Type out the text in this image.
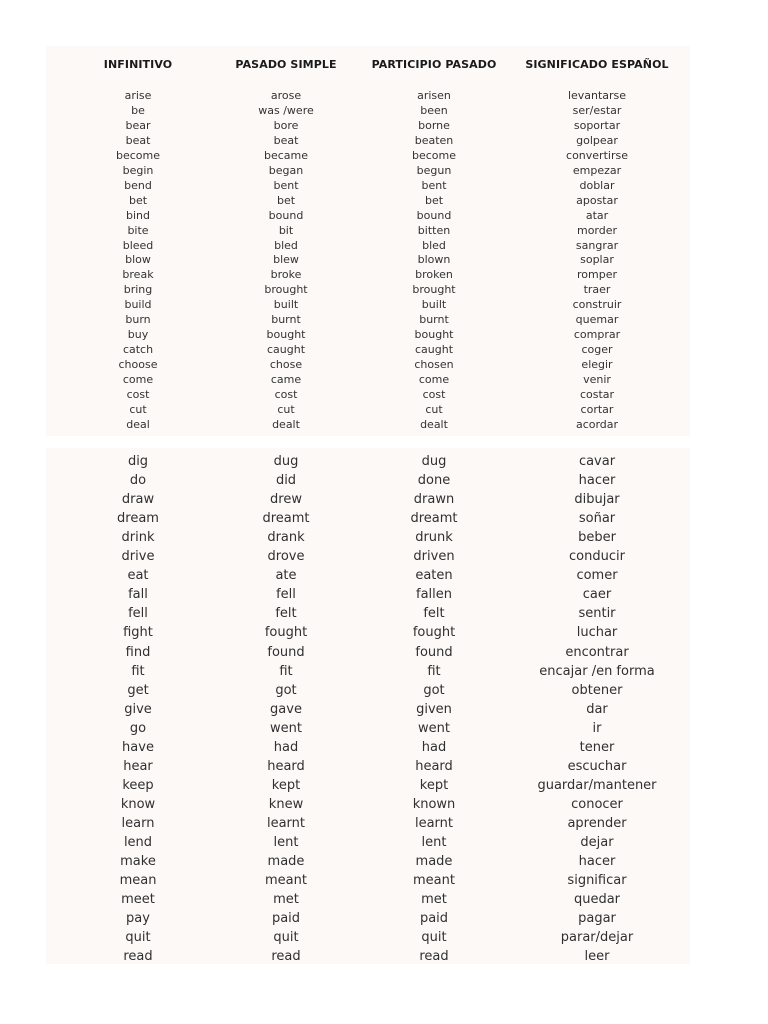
INFINITIVO	PASADO SIMPLE	PARTICIPIO PASADO	SIGNIFICADO ESPAÑOL
arise	arose	arisen	levantarse
be	was /were	been	ser/estar
bear	bore	borne	soportar
beat	beat	beaten	golpear
become	became	become	convertirse
begin	began	begun	empezar
bend	bent	bent	doblar
bet	bet	bet	apostar
bind	bound	bound	atar
bite	bit	bitten	morder
bleed	bled	bled	sangrar
blow	blew	blown	soplar
break	broke	broken	romper
bring	brought	brought	traer
build	built	built	construir
burn	burnt	burnt	quemar
buy	bought	bought	comprar
catch	caught	caught	coger
choose	chose	chosen	elegir
come	came	come	venir
cost	cost	cost	costar
cut	cut	cut	cortar
deal	dealt	dealt	acordar
dig	dug	dug	cavar
do	did	done	hacer
draw	drew	drawn	dibujar
dream	dreamt	dreamt	soñar
drink	drank	drunk	beber
drive	drove	driven	conducir
eat	ate	eaten	comer
fall	fell	fallen	caer
fell	felt	felt	sentir
fight	fought	fought	luchar
find	found	found	encontrar
fit	fit	fit	encajar /en forma
get	got	got	obtener
give	gave	given	dar
go	went	went	ir
have	had	had	tener
hear	heard	heard	escuchar
keep	kept	kept	guardar/mantener
know	knew	known	conocer
learn	learnt	learnt	aprender
lend	lent	lent	dejar
make	made	made	hacer
mean	meant	meant	significar
meet	met	met	quedar
pay	paid	paid	pagar
quit	quit	quit	parar/dejar
read	read	read	leer
